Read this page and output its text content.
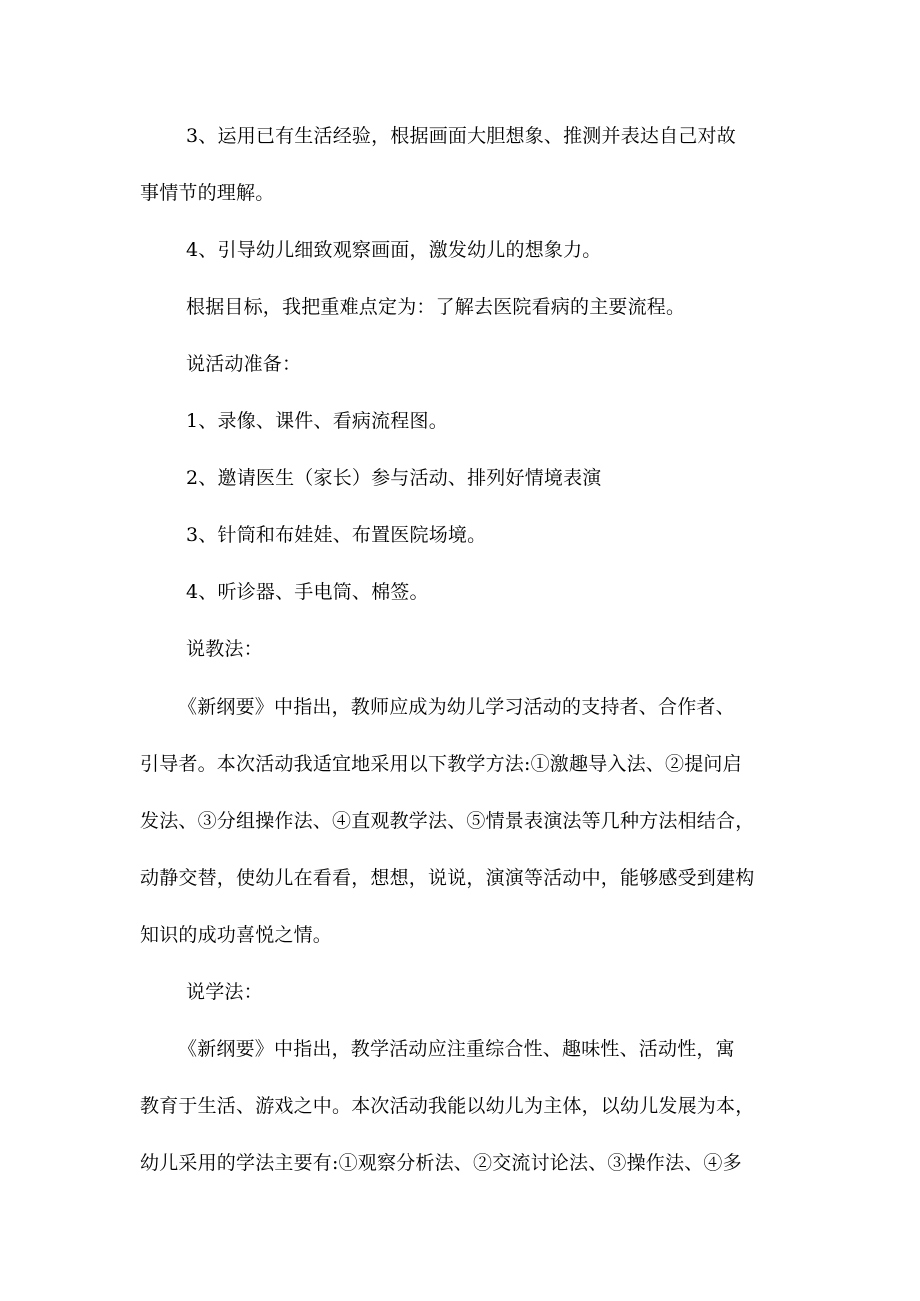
3、运用已有生活经验，根据画面大胆想象、推测并表达自己对故
事情节的理解。
4、引导幼儿细致观察画面，激发幼儿的想象力。
根据目标，我把重难点定为：了解去医院看病的主要流程。
说活动准备：
1、录像、课件、看病流程图。
2、邀请医生（家长）参与活动、排列好情境表演
3、针筒和布娃娃、布置医院场境。
4、听诊器、手电筒、棉签。
说教法：
《新纲要》中指出，教师应成为幼儿学习活动的支持者、合作者、
引导者。本次活动我适宜地采用以下教学方法:①激趣导入法、②提问启
发法、③分组操作法、④直观教学法、⑤情景表演法等几种方法相结合，
动静交替，使幼儿在看看，想想，说说，演演等活动中，能够感受到建构
知识的成功喜悦之情。
说学法：
《新纲要》中指出，教学活动应注重综合性、趣味性、活动性，寓
教育于生活、游戏之中。本次活动我能以幼儿为主体，以幼儿发展为本，
幼儿采用的学法主要有:①观察分析法、②交流讨论法、③操作法、④多
